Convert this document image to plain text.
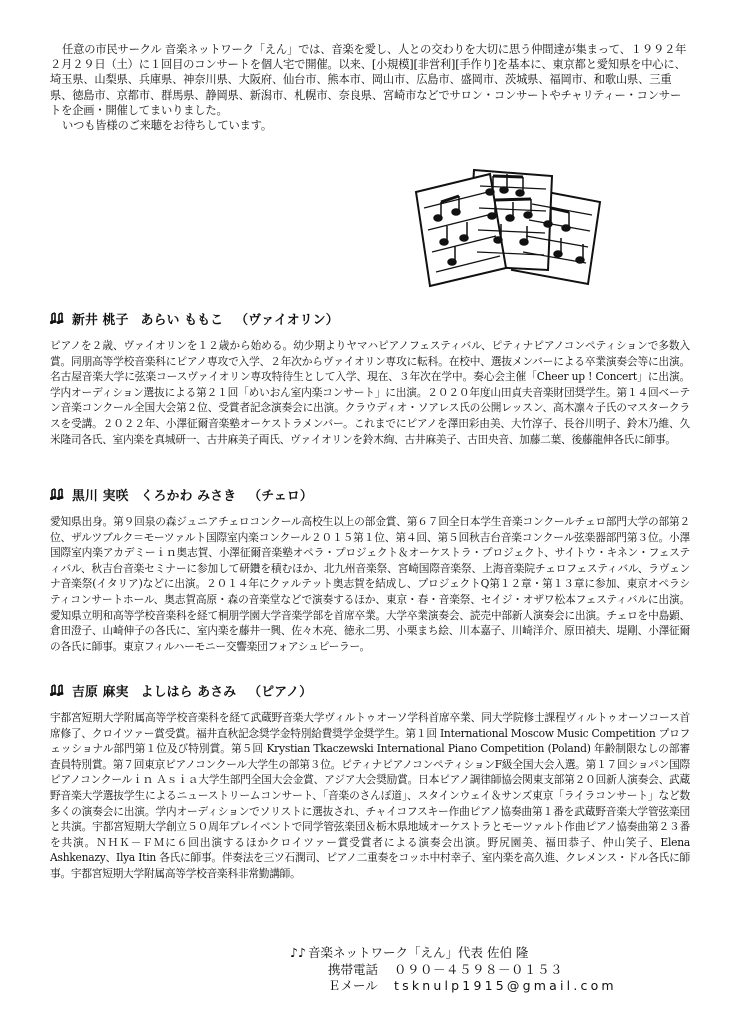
任意の市民サークル 音楽ネットワーク「えん」では、音楽を愛し、人との交わりを大切に思う仲間達が集まって、１９９２年２月２９日（土）に１回目のコンサートを個人宅で開催。以来、[小規模][非営利][手作り]を基本に、東京都と愛知県を中心に、埼玉県、山梨県、兵庫県、神奈川県、大阪府、仙台市、熊本市、岡山市、広島市、盛岡市、茨城県、福岡市、和歌山県、三重県、徳島市、京都市、群馬県、静岡県、新潟市、札幌市、奈良県、宮崎市などでサロン・コンサートやチャリティー・コンサートを企画・開催してまいりました。

いつも皆様のご来聴をお待ちしています。

新井 桃子 あらい ももこ （ヴァイオリン）

ピアノを２歳、ヴァイオリンを１２歳から始める。幼少期よりヤマハピアノフェスティバル、ピティナピアノコンペティションで多数入賞。同朋高等学校音楽科にピアノ専攻で入学、２年次からヴァイオリン専攻に転科。在校中、選抜メンバーによる卒業演奏会等に出演。名古屋音楽大学に弦楽コースヴァイオリン専攻特待生として入学、現在、３年次在学中。奏心会主催「Cheer up ! Concert」に出演。学内オーディション選抜による第２１回「めいおん室内楽コンサート」に出演。２０２０年度山田貞夫音楽財団奨学生。第１４回ベーテン音楽コンクール全国大会第２位、受賞者記念演奏会に出演。クラウディオ・ソアレス氏の公開レッスン、高木凛々子氏のマスタークラスを受講。２０２２年、小澤征爾音楽塾オーケストラメンバー。これまでにピアノを澤田彩由美、大竹淳子、長谷川明子、鈴木乃維、久米隆司各氏、室内楽を真城研一、古井麻美子両氏、ヴァイオリンを鈴木絢、古井麻美子、古田央音、加藤二葉、後藤龍伸各氏に師事。

黒川 実咲 くろかわ みさき （チェロ）

愛知県出身。第９回泉の森ジュニアチェロコンクール高校生以上の部金賞、第６７回全日本学生音楽コンクールチェロ部門大学の部第２位、ザルツブルク＝モーツァルト国際室内楽コンクール２０１５第１位、第４回、第５回秋吉台音楽コンクール弦楽器部門第３位。小澤国際室内楽アカデミーｉｎ奥志賀、小澤征爾音楽塾オペラ・プロジェクト＆オーケストラ・プロジェクト、サイトウ・キネン・フェスティバル、秋吉台音楽セミナーに参加して研鑽を積むほか、北九州音楽祭、宮崎国際音楽祭、上海音楽院チェロフェスティバル、ラヴェンナ音楽祭(イタリア)などに出演。２０１４年にクァルテット奥志賀を結成し、プロジェクトQ第１２章・第１３章に参加、東京オペラシティコンサートホール、奥志賀高原・森の音楽堂などで演奏するほか、東京・春・音楽祭、セイジ・オザワ松本フェスティバルに出演。愛知県立明和高等学校音楽科を経て桐朋学園大学音楽学部を首席卒業。大学卒業演奏会、読売中部新人演奏会に出演。チェロを中島顕、倉田澄子、山崎伸子の各氏に、室内楽を藤井一興、佐々木亮、徳永二男、小栗まち絵、川本嘉子、川崎洋介、原田禎夫、堤剛、小澤征爾の各氏に師事。東京フィルハーモニー交響楽団フォアシュピーラー。

吉原 麻実 よしはら あさみ （ピアノ）

宇都宮短期大学附属高等学校音楽科を経て武蔵野音楽大学ヴィルトゥオーソ学科首席卒業、同大学院修士課程ヴィルトゥオーソコース首席修了、クロイツァー賞受賞。福井直秋記念奨学金特別給費奨学金奨学生。第１回 International Moscow Music Competition プロフェッショナル部門第１位及び特別賞。第５回 Krystian Tkaczewski International Piano Competition (Poland) 年齢制限なしの部審査員特別賞。第７回東京ピアノコンクール大学生の部第３位。ピティナピアノコンペティションF級全国大会入選。第１７回ショパン国際ピアノコンクールｉｎ Ａｓｉａ大学生部門全国大会金賞、アジア大会奨励賞。日本ピアノ調律師協会関東支部第２０回新人演奏会、武蔵野音楽大学選抜学生によるニューストリームコンサート、「音楽のさんぽ道」、スタインウェイ＆サンズ東京「ライラコンサート」など数多くの演奏会に出演。学内オーディションでソリストに選抜され、チャイコフスキー作曲ピアノ協奏曲第１番を武蔵野音楽大学管弦楽団と共演。宇都宮短期大学創立５０周年プレイベントで同学管弦楽団＆栃木県地域オーケストラとモーツァルト作曲ピアノ協奏曲第２３番を共演。ＮＨＫ－ＦＭに６回出演するほかクロイツァー賞受賞者による演奏会出演。野尻園美、福田恭子、仲山笑子、Elena Ashkenazy、Ilya Itin 各氏に師事。伴奏法を三ツ石潤司、ピアノ二重奏をコッホ中村幸子、室内楽を高久進、クレメンス・ドル各氏に師事。宇都宮短期大学附属高等学校音楽科非常勤講師。

♪♪ 音楽ネットワーク「えん」代表 佐伯 隆
携帯電話 ０９０－４５９８－０１５３
Ｅメール tsknulp1915@gmail.com
